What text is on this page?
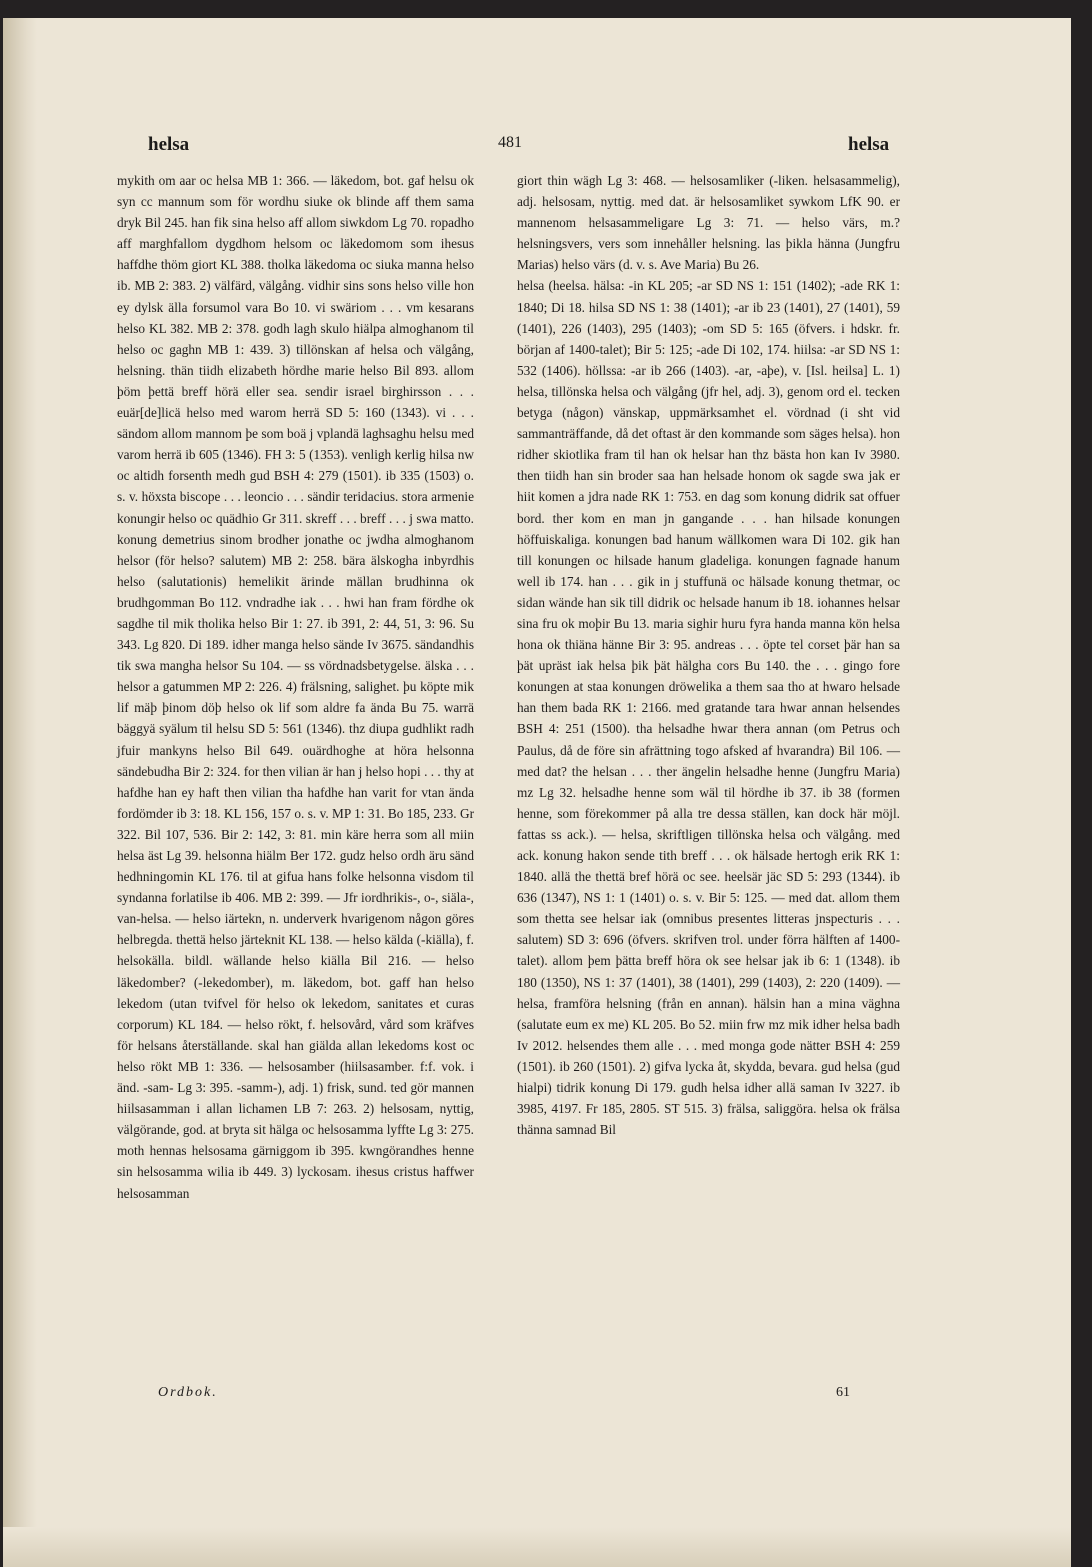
helsa	481	helsa

mykith om aar oc helsa MB 1: 366. — läkedom, bot. gaf helsu ok syn cc mannum som för wordhu siuke ok blinde aff them sama dryk Bil 245. han fik sina helso aff allom siwkdom Lg 70. ropadho aff marghfallom dygdhom helsom oc läkedomom som ihesus haffdhe thöm giort KL 388. tholka läkedoma oc siuka manna helso ib. MB 2: 383. 2) välfärd, välgång. vidhir sins sons helso ville hon ey dylsk älla forsumol vara Bo 10. vi swäriom . . . vm kesarans helso KL 382. MB 2: 378. godh lagh skulo hiälpa almoghanom til helso oc gaghn MB 1: 439. 3) tillönskan af helsa och välgång, helsning. thän tiidh elizabeth hördhe marie helso Bil 893. allom þöm þettä breff hörä eller sea. sendir israel birghirsson . . . euär[de]licä helso med warom herrä SD 5: 160 (1343). vi . . . sändom allom mannom þe som boä j vplandä laghsaghu helsu med varom herrä ib 605 (1346). FH 3: 5 (1353). venligh kerlig hilsa nw oc altidh forsenth medh gud BSH 4: 279 (1501). ib 335 (1503) o. s. v. höxsta biscope . . . leoncio . . . sändir teridacius. stora armenie konungir helso oc quädhio Gr 311. skreff . . . breff . . . j swa matto. konung demetrius sinom brodher jonathe oc jwdha almoghanom helsor (för helso? salutem) MB 2: 258. bära älskogha inbyrdhis helso (salutationis) hemelikit ärinde mällan brudhinna ok brudhgomman Bo 112. vndradhe iak . . . hwi han fram fördhe ok sagdhe til mik tholika helso Bir 1: 27. ib 391, 2: 44, 51, 3: 96. Su 343. Lg 820. Di 189. idher manga helso sände Iv 3675. sändandhis tik swa mangha helsor Su 104. — ss vördnadsbetygelse. älska . . . helsor a gatummen MP 2: 226. 4) frälsning, salighet. þu köpte mik lif mäþ þinom döþ helso ok lif som aldre fa ända Bu 75. warrä bäggyä syälum til helsu SD 5: 561 (1346). thz diupa gudhlikt radh jfuir mankyns helso Bil 649. ouärdhoghe at höra helsonna sändebudha Bir 2: 324. for then vilian är han j helso hopi . . . thy at hafdhe han ey haft then vilian tha hafdhe han varit for vtan ända fordömder ib 3: 18. KL 156, 157 o. s. v. MP 1: 31. Bo 185, 233. Gr 322. Bil 107, 536. Bir 2: 142, 3: 81. min käre herra som all miin helsa äst Lg 39. helsonna hiälm Ber 172. gudz helso ordh äru sänd hedhningomin KL 176. til at gifua hans folke helsonna visdom til syndanna forlatilse ib 406. MB 2: 399. — Jfr iordhrikis-, o-, siäla-, van-helsa. — helso iärtekn, n. underverk hvarigenom någon göres helbregda. thettä helso järteknit KL 138. — helso kälda (-kiälla), f. helsokälla. bildl. wällande helso kiälla Bil 216. — helso läkedomber? (-lekedomber), m. läkedom, bot. gaff han helso lekedom (utan tvifvel för helso ok lekedom, sanitates et curas corporum) KL 184. — helso rökt, f. helsovård, vård som kräfves för helsans återställande. skal han giälda allan lekedoms kost oc helso rökt MB 1: 336. — helsosamber (hiilsasamber. f:f. vok. i änd. -sam- Lg 3: 395. -samm-), adj. 1) frisk, sund. ted gör mannen hiilsasamman i allan lichamen LB 7: 263. 2) helsosam, nyttig, välgörande, god. at bryta sit hälga oc helsosamma lyffte Lg 3: 275. moth hennas helsosama gärniggom ib 395. kwngörandhes henne sin helsosamma wilia ib 449. 3) lyckosam. ihesus cristus haffwer helsosamman

giort thin wägh Lg 3: 468. — helsosamliker (-liken. helsasammelig), adj. helsosam, nyttig. med dat. är helsosamliket sywkom LfK 90. er mannenom helsasammeligare Lg 3: 71. — helso värs, m.? helsningsvers, vers som innehåller helsning. las þikla hänna (Jungfru Marias) helso värs (d. v. s. Ave Maria) Bu 26.

helsa (heelsa. hälsa: -in KL 205; -ar SD NS 1: 151 (1402); -ade RK 1: 1840; Di 18. hilsa SD NS 1: 38 (1401); -ar ib 23 (1401), 27 (1401), 59 (1401), 226 (1403), 295 (1403); -om SD 5: 165 (öfvers. i hdskr. fr. början af 1400-talet); Bir 5: 125; -ade Di 102, 174. hiilsa: -ar SD NS 1: 532 (1406). höllssa: -ar ib 266 (1403). -ar, -aþe), v. [Isl. heilsa] L. 1) helsa, tillönska helsa och välgång (jfr hel, adj. 3), genom ord el. tecken betyga (någon) vänskap, uppmärksamhet el. vördnad (i sht vid sammanträffande, då det oftast är den kommande som säges helsa). hon ridher skiotlika fram til han ok helsar han thz bästa hon kan Iv 3980. then tiidh han sin broder saa han helsade honom ok sagde swa jak er hiit komen a jdra nade RK 1: 753. en dag som konung didrik sat offuer bord. ther kom en man jn gangande . . . han hilsade konungen höffuiskaliga. konungen bad hanum wällkomen wara Di 102. gik han till konungen oc hilsade hanum gladeliga. konungen fagnade hanum well ib 174. han . . . gik in j stuffunä oc hälsade konung thetmar, oc sidan wände han sik till didrik oc helsade hanum ib 18. iohannes helsar sina fru ok moþir Bu 13. maria sighir huru fyra handa manna kön helsa hona ok thiäna hänne Bir 3: 95. andreas . . . öpte tel corset þär han sa þät upräst iak helsa þik þät hälgha cors Bu 140. the . . . gingo fore konungen at staa konungen dröwelika a them saa tho at hwaro helsade han them bada RK 1: 2166. med gratande tara hwar annan helsendes BSH 4: 251 (1500). tha helsadhe hwar thera annan (om Petrus och Paulus, då de före sin afrättning togo afsked af hvarandra) Bil 106. — med dat? the helsan . . . ther ängelin helsadhe henne (Jungfru Maria) mz Lg 32. helsadhe henne som wäl til hördhe ib 37. ib 38 (formen henne, som förekommer på alla tre dessa ställen, kan dock här möjl. fattas ss ack.). — helsa, skriftligen tillönska helsa och välgång. med ack. konung hakon sende tith breff . . . ok hälsade hertogh erik RK 1: 1840. allä the thettä bref hörä oc see. heelsär jäc SD 5: 293 (1344). ib 636 (1347), NS 1: 1 (1401) o. s. v. Bir 5: 125. — med dat. allom them som thetta see helsar iak (omnibus presentes litteras jnspecturis . . . salutem) SD 3: 696 (öfvers. skrifven trol. under förra hälften af 1400-talet). allom þem þätta breff höra ok see helsar jak ib 6: 1 (1348). ib 180 (1350), NS 1: 37 (1401), 38 (1401), 299 (1403), 2: 220 (1409). — helsa, framföra helsning (från en annan). hälsin han a mina väghna (salutate eum ex me) KL 205. Bo 52. miin frw mz mik idher helsa badh Iv 2012. helsendes them alle . . . med monga gode nätter BSH 4: 259 (1501). ib 260 (1501). 2) gifva lycka åt, skydda, bevara. gud helsa (gud hialpi) tidrik konung Di 179. gudh helsa idher allä saman Iv 3227. ib 3985, 4197. Fr 185, 2805. ST 515. 3) frälsa, saliggöra. helsa ok frälsa thänna samnad Bil

Ordbok.	61
